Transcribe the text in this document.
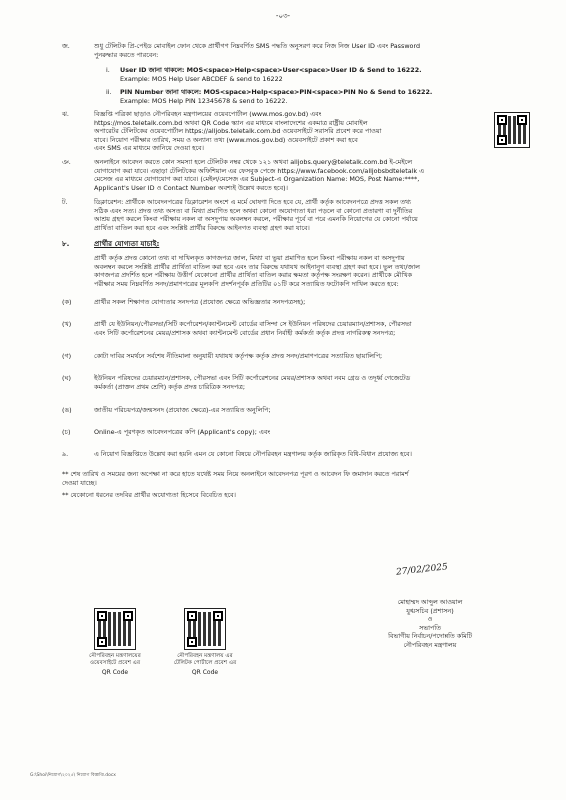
-০৩-
জ.	শুধু টেলিটক প্রি-পেইড মোবাইল ফোন থেকে প্রার্থীগণ নিম্নবর্ণিত SMS পদ্ধতি অনুসরণ করে নিজ নিজ User ID এবং Password
পুনরুদ্ধার করতে পারবেন:
i. User ID জানা থাকলে: MOS<space>Help<space>User<space>User ID & Send to 16222.
Example: MOS Help User ABCDEF & send to 16222
ii. PIN Number জানা থাকলে: MOS<space>Help<space>PIN<space>PIN No & Send to 16222.
Example: MOS Help PIN 12345678 & send to 16222.
ঝ.	বিজ্ঞপ্তি পত্রিকা ছাড়াও নৌপরিবহন মন্ত্রণালয়ের ওয়েবপোর্টাল (www.mos.gov.bd) এবং
https://mos.teletalk.com.bd অথবা QR Code স্ক্যান এর মাধ্যমে বাংলাদেশের একমাত্র রাষ্ট্রীয় মোবাইল
অপারেটর টেলিটকের ওয়েবপোর্টাল https://alljobs.teletalk.com.bd ওয়েবসাইটে সরাসরি প্রবেশ করে পাওয়া
যাবে। নিয়োগ পরীক্ষার তারিখ, সময় ও অন্যান্য তথ্য (www.mos.gov.bd) ওয়েবসাইটে প্রকাশ করা হবে
এবং SMS এর মাধ্যমে জানিয়ে দেওয়া হবে।
ঞ.	অনলাইনে আবেদন করতে কোন সমস্যা হলে টেলিটক নম্বর থেকে ১২১ অথবা alljobs.query@teletalk.com.bd ই-মেইলে
যোগাযোগ করা যাবে। এছাড়া টেলিটকের অফিশিয়াল এর ফেসবুক পেজে https://www.facebook.com/alljobsbdteletalk এ
মেসেজ এর মাধ্যমে যোগাযোগ করা যাবে। (মেইল/মেসেজ এর Subject-এ Organization Name: MOS, Post Name:****,
Applicant's User ID ও Contact Number অবশ্যই উল্লেখ করতে হবে)।
ট.	ডিক্লারেশন: প্রার্থীকে আবেদনপত্রের ডিক্লারেশন অংশে এ মর্মে ঘোষণা দিতে হবে যে, প্রার্থী কর্তৃক আবেদনপত্রে প্রদত্ত সকল তথ্য
সঠিক এবং সত্য। প্রদত্ত তথ্য অসত্য বা মিথ্যা প্রমাণিত হলে অথবা কোনো অযোগ্যতা ধরা পড়লে বা কোনো প্রতারণা বা দুর্নীতির
আশ্রয় গ্রহণ করলে কিংবা পরীক্ষায় নকল বা অসদুপায় অবলম্বন করলে, পরীক্ষার পূর্বে বা পরে এমনকি নিয়োগের যে কোনো পর্যায়ে
প্রার্থিতা বাতিল করা হবে এবং সংশ্লিষ্ট প্রার্থীর বিরুদ্ধে আইনগত ব্যবস্থা গ্রহণ করা যাবে।
৮.	প্রার্থীর যোগ্যতা যাচাই:
প্রার্থী কর্তৃক প্রদত্ত কোনো তথ্য বা দাখিলকৃত কাগজপত্র জাল, মিথ্যা বা ভুয়া প্রমাণিত হলে কিংবা পরীক্ষায় নকল বা অসদুপায়
অবলম্বন করলে সংশ্লিষ্ট প্রার্থীর প্রার্থিতা বাতিল করা হবে এবং তার বিরুদ্ধে যথাযথ আইনানুগ ব্যবস্থা গ্রহণ করা হবে। ভুল তথ্য/জাল
কাগজপত্র প্রদর্শিত হলে পরীক্ষায় উত্তীর্ণ যেকোনো প্রার্থীর প্রার্থিতা বাতিল করার ক্ষমতা কর্তৃপক্ষ সংরক্ষণ করেন। প্রার্থীকে মৌখিক
পরীক্ষার সময় নিম্নবর্ণিত সনদ/প্রমাণপত্রের মূলকপি প্রদর্শনপূর্বক প্রতিটির ০১টি করে সত্যায়িত ফটোকপি দাখিল করতে হবে:
(ক)	প্রার্থীর সকল শিক্ষাগত যোগ্যতার সনদপত্র (প্রযোজ্য ক্ষেত্রে অভিজ্ঞতার সনদপত্রসহ);
(খ)	প্রার্থী যে ইউনিয়ন/পৌরসভা/সিটি কর্পোরেশন/ক্যান্টনমেন্ট বোর্ডের বাসিন্দা সে ইউনিয়ন পরিষদের চেয়ারম্যান/প্রশাসক, পৌরসভা
এবং সিটি কর্পোরেশনের মেয়র/প্রশাসক অথবা ক্যান্টনমেন্ট বোর্ডের প্রধান নির্বাহী কর্মকর্তা কর্তৃক প্রদত্ত নাগরিকত্ব সনদপত্র;
(গ)	কোটা দাবির সমর্থনে সর্বশেষ নীতিমালা অনুযায়ী যথাযথ কর্তৃপক্ষ কর্তৃক প্রদত্ত সনদ/প্রমাণপত্রের সত্যায়িত ছায়ালিপি;
(ঘ)	ইউনিয়ন পরিষদের চেয়ারম্যান/প্রশাসক, পৌরসভা এবং সিটি কর্পোরেশনের মেয়র/প্রশাসক অথবা নবম গ্রেড ও তদূর্ধ্ব গেজেটেড
কর্মকর্তা (প্রাক্তন প্রথম শ্রেণি) কর্তৃক প্রদত্ত চারিত্রিক সনদপত্র;
(ঙ)	জাতীয় পরিচয়পত্র/জন্মসনদ (প্রযোজ্য ক্ষেত্রে)-এর সত্যায়িত অনুলিপি;
(চ)	Online-এ পূরণকৃত আবেদনপত্রের কপি (Applicant's copy); এবং
৯.	এ নিয়োগ বিজ্ঞপ্তিতে উল্লেখ করা হয়নি এমন যে কোনো বিষয়ে নৌপরিবহন মন্ত্রণালয় কর্তৃক জারিকৃত বিধি-বিধান প্রযোজ্য হবে।
** শেষ তারিখ ও সময়ের জন্য অপেক্ষা না করে হাতে যথেষ্ট সময় নিয়ে অনলাইনে আবেদনপত্র পূরণ ও আবেদন ফি জমাদান করতে পরামর্শ
দেওয়া যাচ্ছে।
** যেকোনো ধরনের তদবির প্রার্থীর অযোগ্যতা হিসেবে বিবেচিত হবে।
27/02/2025
মোহাম্মদ আব্দুল আওয়াল
যুগ্মসচিব (প্রশাসন)
ও
সভাপতি
বিভাগীয় নির্বাচন/পদোন্নতি কমিটি
নৌপরিবহন মন্ত্রণালয়
নৌপরিবহন মন্ত্রণালয়ের
ওয়েবসাইটে প্রবেশ এর
QR Code
নৌপরিবহন মন্ত্রণালয় এর
টেলিটক পোর্টালে প্রবেশ এর
QR Code
G:\Shoi\নিয়োগ\২০২৫\ নিয়োগ বিজ্ঞপ্তি.docx
